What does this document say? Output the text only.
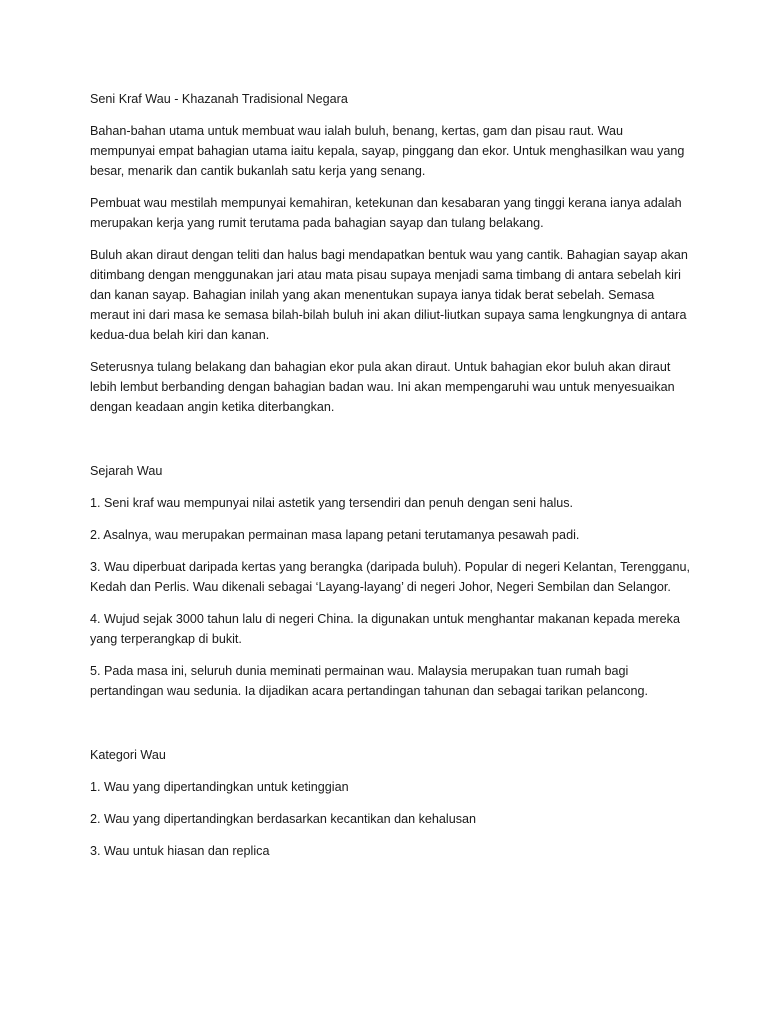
Seni Kraf Wau - Khazanah Tradisional Negara

Bahan-bahan utama untuk membuat wau ialah buluh, benang, kertas, gam dan pisau raut. Wau mempunyai empat bahagian utama iaitu kepala, sayap, pinggang dan ekor. Untuk menghasilkan wau yang besar, menarik dan cantik bukanlah satu kerja yang senang.

Pembuat wau mestilah mempunyai kemahiran, ketekunan dan kesabaran yang tinggi kerana ianya adalah merupakan kerja yang rumit terutama pada bahagian sayap dan tulang belakang.

Buluh akan diraut dengan teliti dan halus bagi mendapatkan bentuk wau yang cantik. Bahagian sayap akan ditimbang dengan menggunakan jari atau mata pisau supaya menjadi sama timbang di antara sebelah kiri dan kanan sayap. Bahagian inilah yang akan menentukan supaya ianya tidak berat sebelah. Semasa meraut ini dari masa ke semasa bilah-bilah buluh ini akan diliut-liutkan supaya sama lengkungnya di antara kedua-dua belah kiri dan kanan.

Seterusnya tulang belakang dan bahagian ekor pula akan diraut. Untuk bahagian ekor buluh akan diraut lebih lembut berbanding dengan bahagian badan wau. Ini akan mempengaruhi wau untuk menyesuaikan dengan keadaan angin ketika diterbangkan.

Sejarah Wau

1. Seni kraf wau mempunyai nilai astetik yang tersendiri dan penuh dengan seni halus.

2. Asalnya, wau merupakan permainan masa lapang petani terutamanya pesawah padi.

3. Wau diperbuat daripada kertas yang berangka (daripada buluh). Popular di negeri Kelantan, Terengganu, Kedah dan Perlis. Wau dikenali sebagai ‘Layang-layang’ di negeri Johor, Negeri Sembilan dan Selangor.

4. Wujud sejak 3000 tahun lalu di negeri China. Ia digunakan untuk menghantar makanan kepada mereka yang terperangkap di bukit.

5. Pada masa ini, seluruh dunia meminati permainan wau. Malaysia merupakan tuan rumah bagi pertandingan wau sedunia. Ia dijadikan acara pertandingan tahunan dan sebagai tarikan pelancong.

Kategori Wau

1. Wau yang dipertandingkan untuk ketinggian

2. Wau yang dipertandingkan berdasarkan kecantikan dan kehalusan

3. Wau untuk hiasan dan replica
